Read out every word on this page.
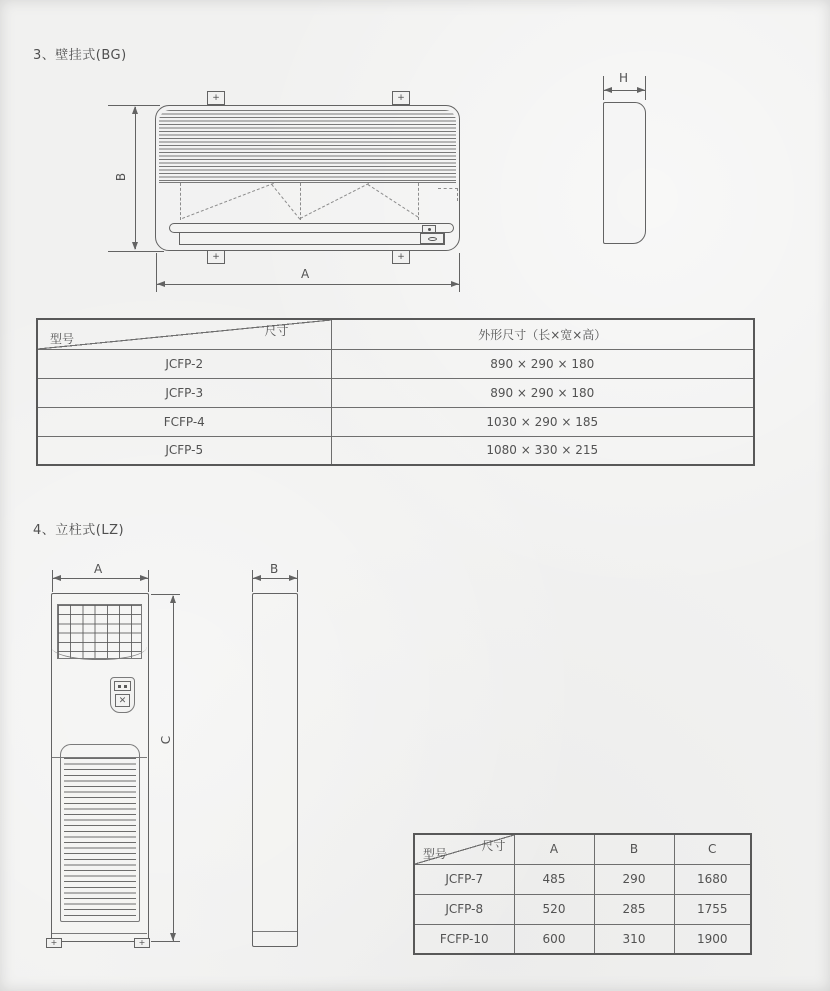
3、壁挂式(BG)
+	+
+	+
B
A
H
尺寸
型号	外形尺寸（长×宽×高）
JCFP-2	890 × 290 × 180
JCFP-3	890 × 290 × 180
FCFP-4	1030 × 290 × 185
JCFP-5	1080 × 330 × 215
4、立柱式(LZ)
A
✕
+	+
C
B
尺寸
型号	A	B	C
JCFP-7	485	290	1680
JCFP-8	520	285	1755
FCFP-10	600	310	1900
